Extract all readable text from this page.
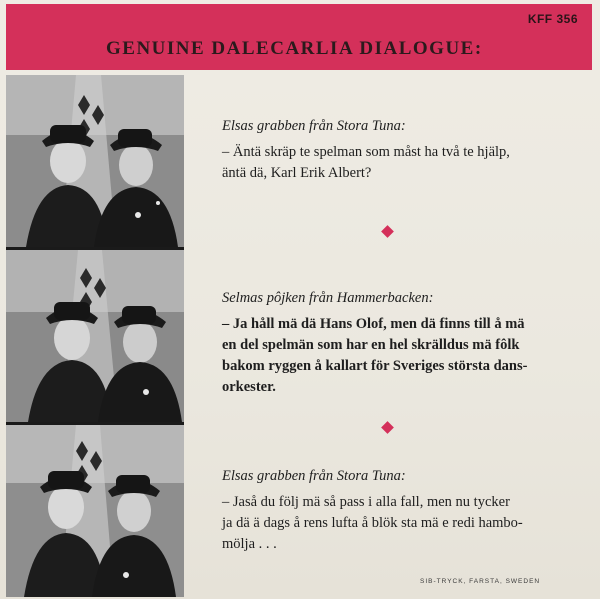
KFF 356
GENUINE DALECARLIA DIALOGUE:

Elsas grabben från Stora Tuna:

– Äntä skräp te spelman som måst ha två te hjälp,

äntä dä, Karl Erik Albert?

Selmas pôjken från Hammerbacken:

– Ja håll mä dä Hans Olof, men dä finns till å mä

en del spelmän som har en hel skrälldus mä fôlk

bakom ryggen å kallart för Sveriges största dans-

orkester.

Elsas grabben från Stora Tuna:

– Jaså du följ mä så pass i alla fall, men nu tycker

ja dä ä dags å rens lufta å blök sta mä e redi hambo-

mölja . . .

SIB-TRYCK, FARSTA, SWEDEN
